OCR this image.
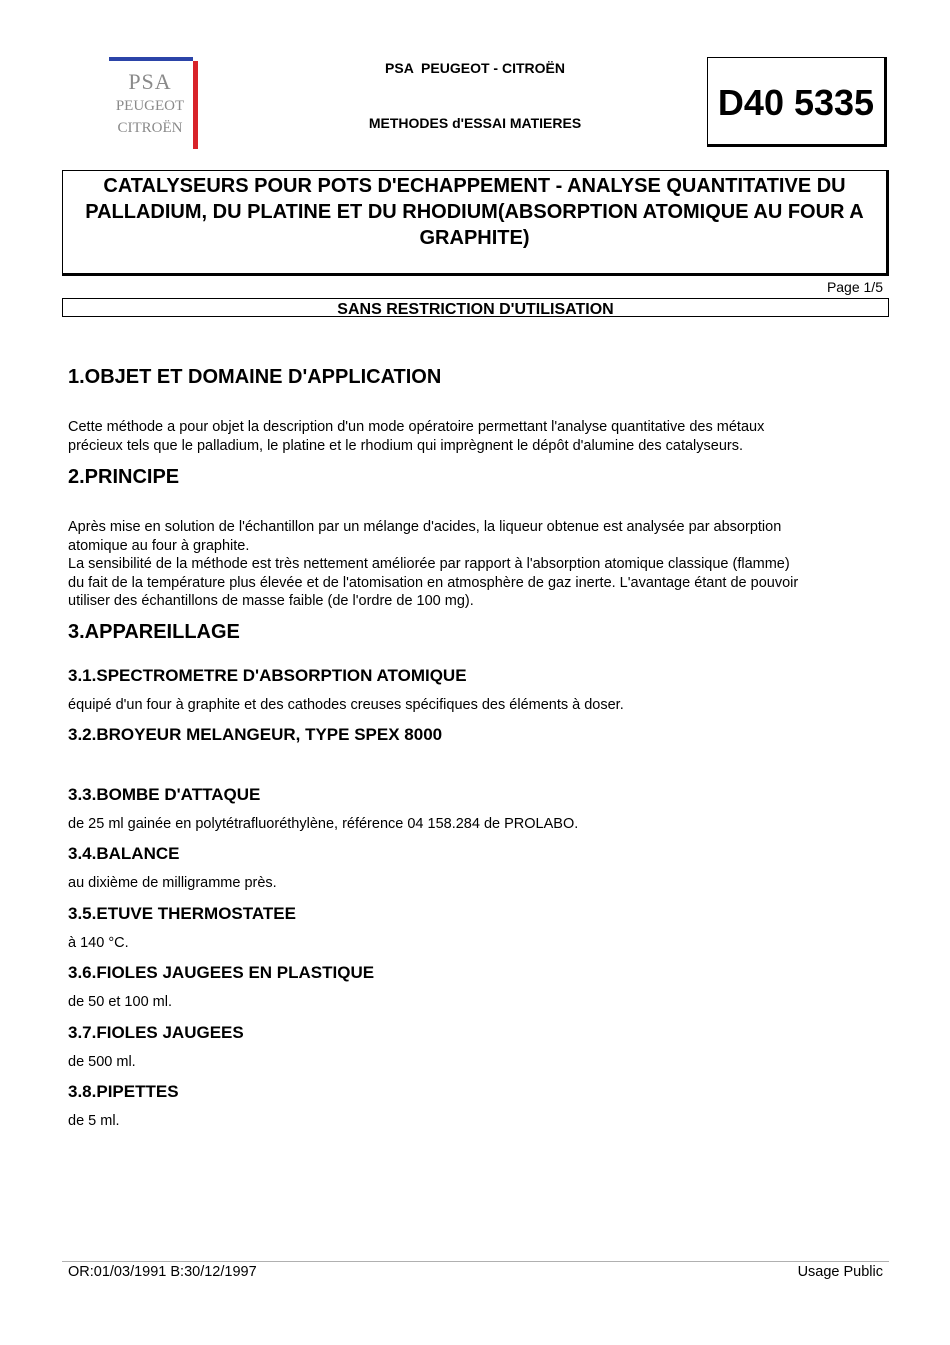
PSA
PEUGEOT
CITROËN
PSA  PEUGEOT - CITROËN
METHODES d'ESSAI MATIERES	D40 5335
CATALYSEURS POUR POTS D'ECHAPPEMENT - ANALYSE QUANTITATIVE DU PALLADIUM, DU PLATINE ET DU RHODIUM(ABSORPTION ATOMIQUE AU FOUR A GRAPHITE)
Page 1/5
SANS RESTRICTION D'UTILISATION
1.OBJET ET DOMAINE D'APPLICATION
Cette méthode a pour objet la description d'un mode opératoire permettant l'analyse quantitative des métaux
précieux tels que le palladium, le platine et le rhodium qui imprègnent le dépôt d'alumine des catalyseurs.
2.PRINCIPE
Après mise en solution de l'échantillon par un mélange d'acides, la liqueur obtenue est analysée par absorption
atomique au four à graphite.
La sensibilité de la méthode est très nettement améliorée par rapport à l'absorption atomique classique (flamme)
du fait de la température plus élevée et de l'atomisation en atmosphère de gaz inerte. L'avantage étant de pouvoir
utiliser des échantillons de masse faible (de l'ordre de 100 mg).
3.APPAREILLAGE
3.1.SPECTROMETRE D'ABSORPTION ATOMIQUE
équipé d'un four à graphite et des cathodes creuses spécifiques des éléments à doser.
3.2.BROYEUR MELANGEUR, TYPE SPEX 8000
3.3.BOMBE D'ATTAQUE
de 25 ml gainée en polytétrafluoréthylène, référence 04 158.284 de PROLABO.
3.4.BALANCE
au dixième de milligramme près.
3.5.ETUVE THERMOSTATEE
à 140 °C.
3.6.FIOLES JAUGEES EN PLASTIQUE
de 50 et 100 ml.
3.7.FIOLES JAUGEES
de 500 ml.
3.8.PIPETTES
de 5 ml.
OR:01/03/1991 B:30/12/1997	Usage Public
